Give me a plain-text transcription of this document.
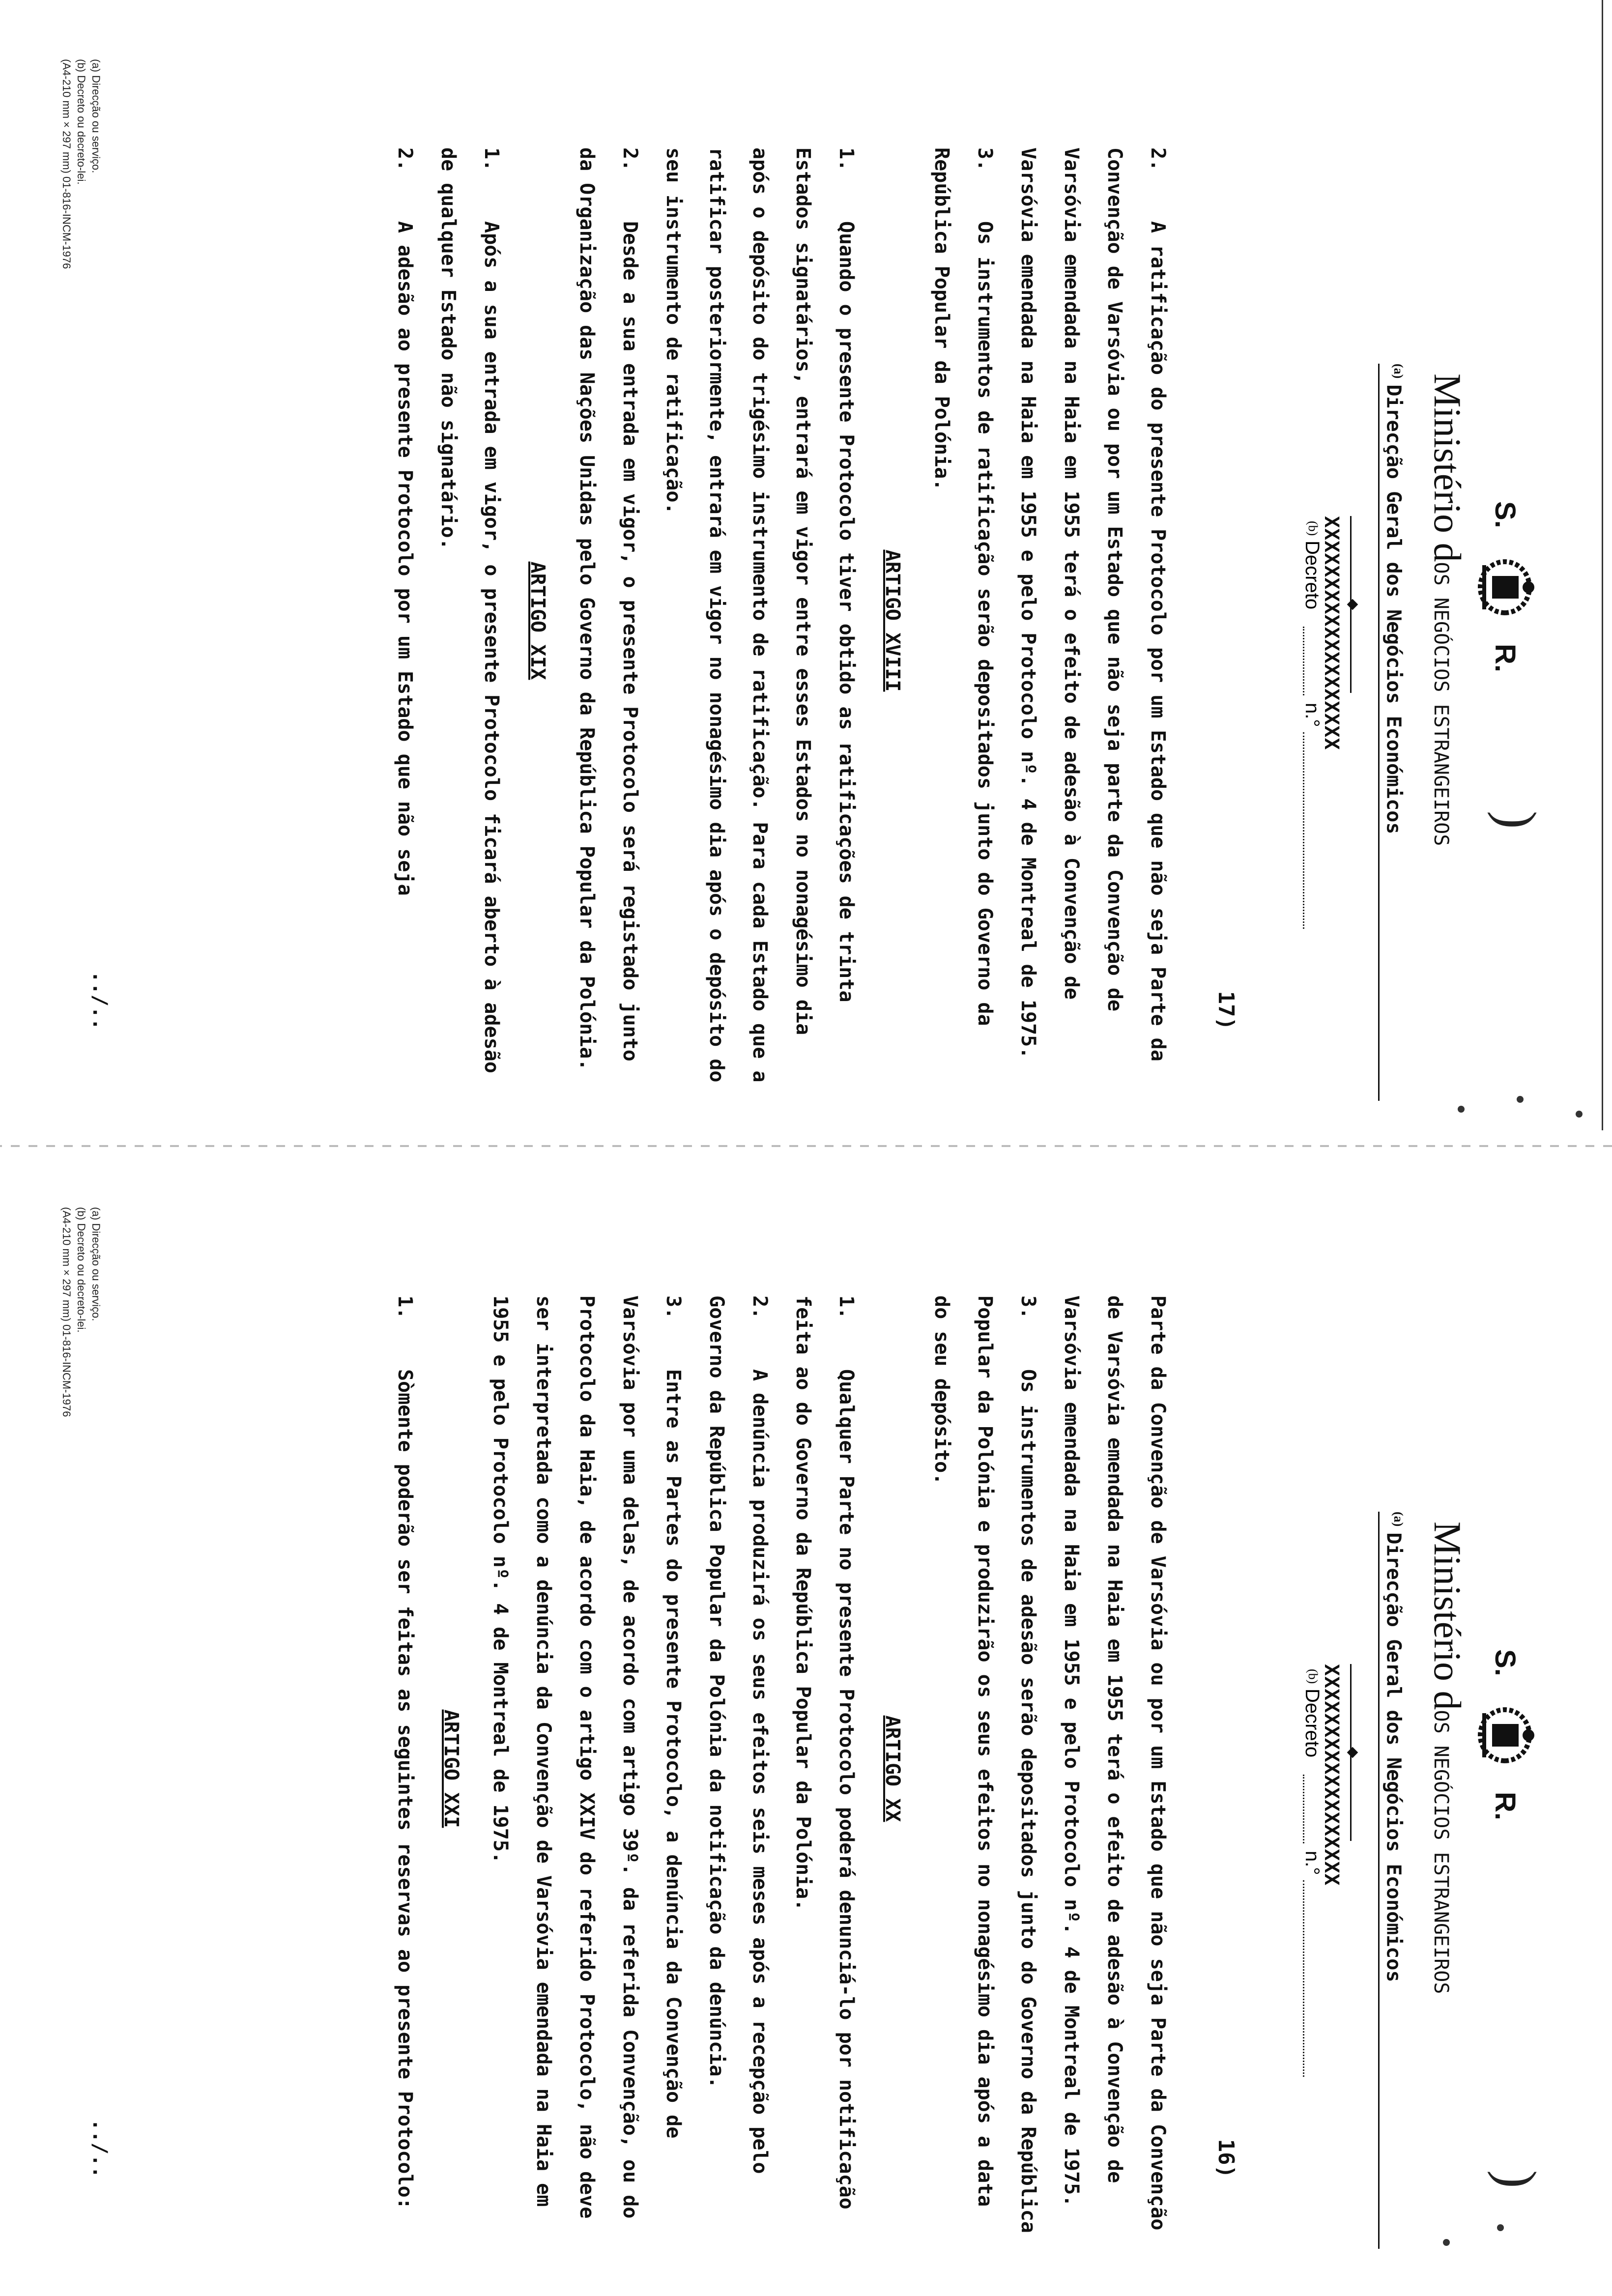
)
S.
R.
Ministério dOS NEGÓCIOS ESTRANGEIROS
$^{(a)}$Direcção Geral dos Negócios Económicos
XXXXXXXXXXXXXXXXXXX
(b)
Decreto
n.°
17)

2.A ratificação do presente Protocolo por um Estado que não seja Parte da Convenção de Varsóvia ou por um Estado que não seja parte da Convenção de Varsóvia emendada na Haia em 1955 terá o efeito de adesão à Convenção de Varsóvia emendada na Haia em 1955 e pelo Protocolo nº. 4 de Montreal de 1975.

3.Os instrumentos de ratificação serão depositados junto do Governo da República Popular da Polónia.

ARTIGO XVIII

1.Quando o presente Protocolo tiver obtido as ratificações de trinta Estados signatários, entrará em vigor entre esses Estados no nonagésimo dia após o depósito do trigésimo instrumento de ratificação. Para cada Estado que a ratificar posteriormente, entrará em vigor no nonagésimo dia após o depósito do seu instrumento de ratificação.

2.Desde a sua entrada em vigor, o presente Protocolo será registado junto da Organização das Nações Unidas pelo Governo da República Popular da Polónia.

ARTIGO XIX

1.Após a sua entrada em vigor, o presente Protocolo ficará aberto à adesão de qualquer Estado não signatário.

2.A adesão ao presente Protocolo por um Estado que não seja

../..
(a) Direcção ou serviço.
(b) Decreto ou decreto-lei.
(A4-210 mm × 297 mm) 01-816-INCM-1976
)
S.
R.
Ministério dOS NEGÓCIOS ESTRANGEIROS
$^{(a)}$Direcção Geral dos Negócios Económicos
XXXXXXXXXXXXXXXXXX
(b)
Decreto
n.°
16)

Parte da Convenção de Varsóvia ou por um Estado que não seja Parte da Convenção de Varsóvia emendada na Haia em 1955 terá o efeito de adesão à Convenção de Varsóvia emendada na Haia em 1955 e pelo Protocolo nº. 4 de Montreal de 1975.

3.Os instrumentos de adesão serão depositados junto do Governo da República Popular da Polónia e produzirão os seus efeitos no nonagésimo dia após a data do seu depósito.

ARTIGO XX

1.Qualquer Parte no presente Protocolo poderá denunciá-lo por notificação feita ao do Governo da República Popular da Polónia.

2.A denúncia produzirá os seus efeitos seis meses após a recepção pelo Governo da República Popular da Polónia da notificação da denúncia.

3.Entre as Partes do presente Protocolo, a denúncia da Convenção de Varsóvia por uma delas, de acordo com artigo 39º. da referida Convenção, ou do Protocolo da Haia, de acordo com o artigo XXIV do referido Protocolo, não deve ser interpretada como a denúncia da Convenção de Varsóvia emendada na Haia em 1955 e pelo Protocolo nº. 4 de Montreal de 1975.

ARTIGO XXI

1.Sòmente poderão ser feitas as seguintes reservas ao presente Protocolo:

../..
(a) Direcção ou serviço.
(b) Decreto ou decreto-lei.
(A4-210 mm × 297 mm) 01-816-INCM-1976
